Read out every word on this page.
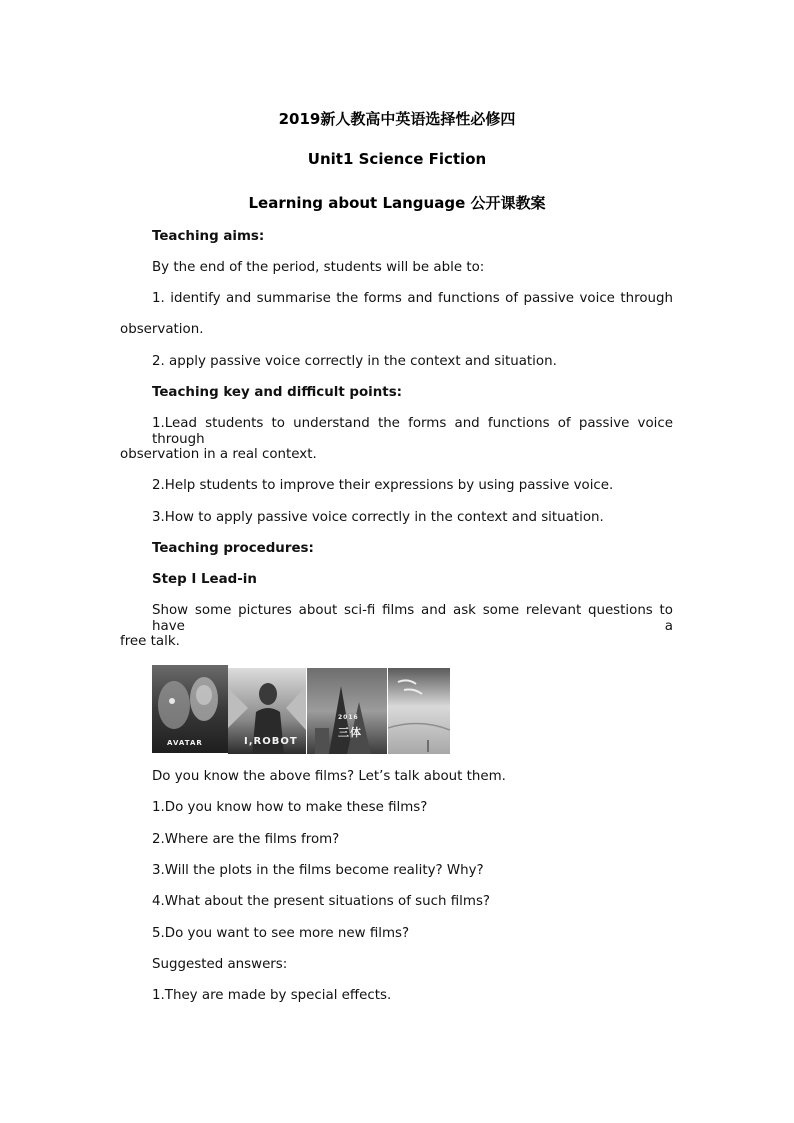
2019新人教高中英语选择性必修四
Unit1 Science Fiction
Learning about Language 公开课教案
Teaching aims:
By the end of the period, students will be able to:
1. identify and summarise the forms and functions of passive voice through
observation.
2. apply passive voice correctly in the context and situation.
Teaching key and difficult points:
1.Lead students to understand the forms and functions of passive voice through
observation in a real context.
2.Help students to improve their expressions by using passive voice.
3.How to apply passive voice correctly in the context and situation.
Teaching procedures:
Step Ⅰ Lead-in
Show some pictures about sci-fi films and ask some relevant questions to have a
free talk.
AVATAR	I,ROBOT
2016
三体
Do you know the above films? Let’s talk about them.
1.Do you know how to make these films?
2.Where are the films from?
3.Will the plots in the films become reality? Why?
4.What about the present situations of such films?
5.Do you want to see more new films?
Suggested answers:
1.They are made by special effects.
